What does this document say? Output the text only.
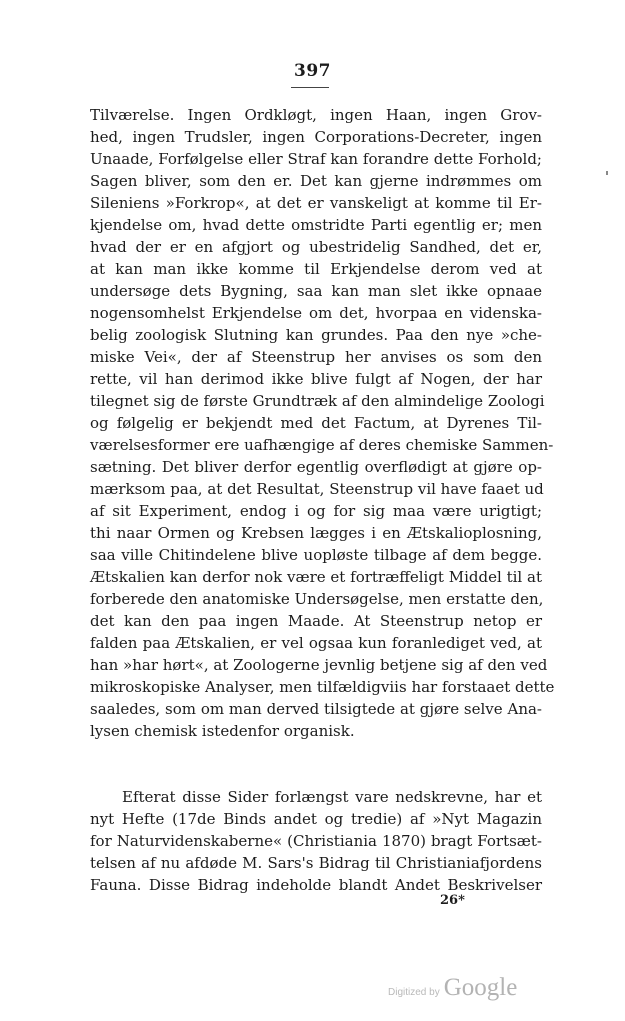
397
Tilværelse. Ingen Ordkløgt, ingen Haan, ingen Grov-
hed, ingen Trudsler, ingen Corporations-Decreter, ingen
Unaade, Forfølgelse eller Straf kan forandre dette Forhold;
Sagen bliver, som den er. Det kan gjerne indrømmes om
Sileniens »Forkrop«, at det er vanskeligt at komme til Er-
kjendelse om, hvad dette omstridte Parti egentlig er; men
hvad der er en afgjort og ubestridelig Sandhed, det er,
at kan man ikke komme til Erkjendelse derom ved at
undersøge dets Bygning, saa kan man slet ikke opnaae
nogensomhelst Erkjendelse om det, hvorpaa en videnska-
belig zoologisk Slutning kan grundes. Paa den nye »che-
miske Vei«, der af Steenstrup her anvises os som den
rette, vil han derimod ikke blive fulgt af Nogen, der har
tilegnet sig de første Grundtræk af den almindelige Zoologi
og følgelig er bekjendt med det Factum, at Dyrenes Til-
værelsesformer ere uafhængige af deres chemiske Sammen-
sætning. Det bliver derfor egentlig overflødigt at gjøre op-
mærksom paa, at det Resultat, Steenstrup vil have faaet ud
af sit Experiment, endog i og for sig maa være urigtigt;
thi naar Ormen og Krebsen lægges i en Ætskalioplosning,
saa ville Chitindelene blive uopløste tilbage af dem begge.
Ætskalien kan derfor nok være et fortræffeligt Middel til at
forberede den anatomiske Undersøgelse, men erstatte den,
det kan den paa ingen Maade. At Steenstrup netop er
falden paa Ætskalien, er vel ogsaa kun foranlediget ved, at
han »har hørt«, at Zoologerne jevnlig betjene sig af den ved
mikroskopiske Analyser, men tilfældigviis har forstaaet dette
saaledes, som om man derved tilsigtede at gjøre selve Ana-
lysen chemisk istedenfor organisk.
Efterat disse Sider forlængst vare nedskrevne, har et
nyt Hefte (17de Binds andet og tredie) af »Nyt Magazin
for Naturvidenskaberne« (Christiania 1870) bragt Fortsæt-
telsen af nu afdøde M. Sars's Bidrag til Christianiafjordens
Fauna. Disse Bidrag indeholde blandt Andet Beskrivelser
26*
Digitized by Google
